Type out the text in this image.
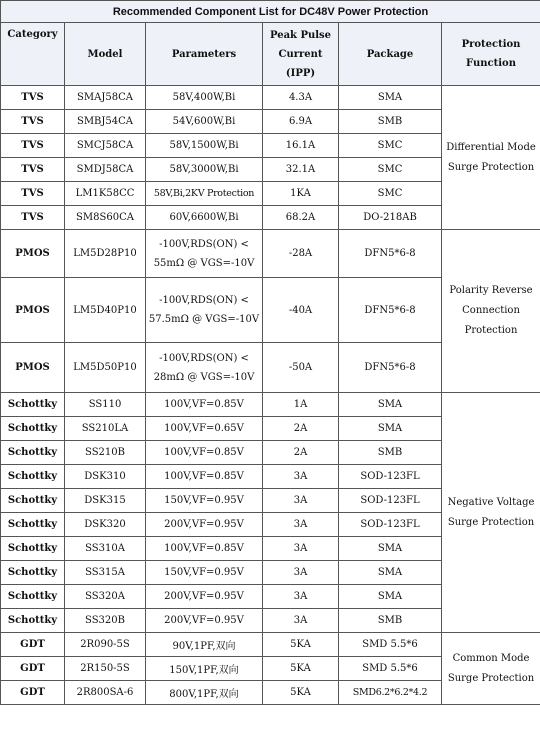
Recommended Component List for DC48V Power Protection					
Category	Model	Parameters	Peak Pulse Current (IPP)	Package	Protection Function
TVS	SMAJ58CA	58V,400W,Bi	4.3A	SMA	Differential Mode Surge Protection
TVS	SMBJ54CA	54V,600W,Bi	6.9A	SMB	
TVS	SMCJ58CA	58V,1500W,Bi	16.1A	SMC	
TVS	SMDJ58CA	58V,3000W,Bi	32.1A	SMC	
TVS	LM1K58CC	58V,Bi,2KV Protection	1KA	SMC	
TVS	SM8S60CA	60V,6600W,Bi	68.2A	DO-218AB	
PMOS	LM5D28P10	-100V,RDS(ON) < 55mΩ @ VGS=-10V	-28A	DFN5*6-8	Polarity Reverse Connection Protection
PMOS	LM5D40P10	-100V,RDS(ON) < 57.5mΩ @ VGS=-10V	-40A	DFN5*6-8	
PMOS	LM5D50P10	-100V,RDS(ON) < 28mΩ @ VGS=-10V	-50A	DFN5*6-8	
Schottky	SS110	100V,VF=0.85V	1A	SMA	Negative Voltage Surge Protection
Schottky	SS210LA	100V,VF=0.65V	2A	SMA	
Schottky	SS210B	100V,VF=0.85V	2A	SMB	
Schottky	DSK310	100V,VF=0.85V	3A	SOD-123FL	
Schottky	DSK315	150V,VF=0.95V	3A	SOD-123FL	
Schottky	DSK320	200V,VF=0.95V	3A	SOD-123FL	
Schottky	SS310A	100V,VF=0.85V	3A	SMA	
Schottky	SS315A	150V,VF=0.95V	3A	SMA	
Schottky	SS320A	200V,VF=0.95V	3A	SMA	
Schottky	SS320B	200V,VF=0.95V	3A	SMB	
GDT	2R090-5S	90V,1PF,双向	5KA	SMD 5.5*6	Common Mode Surge Protection
GDT	2R150-5S	150V,1PF,双向	5KA	SMD 5.5*6	
GDT	2R800SA-6	800V,1PF,双向	5KA	SMD6.2*6.2*4.2	
